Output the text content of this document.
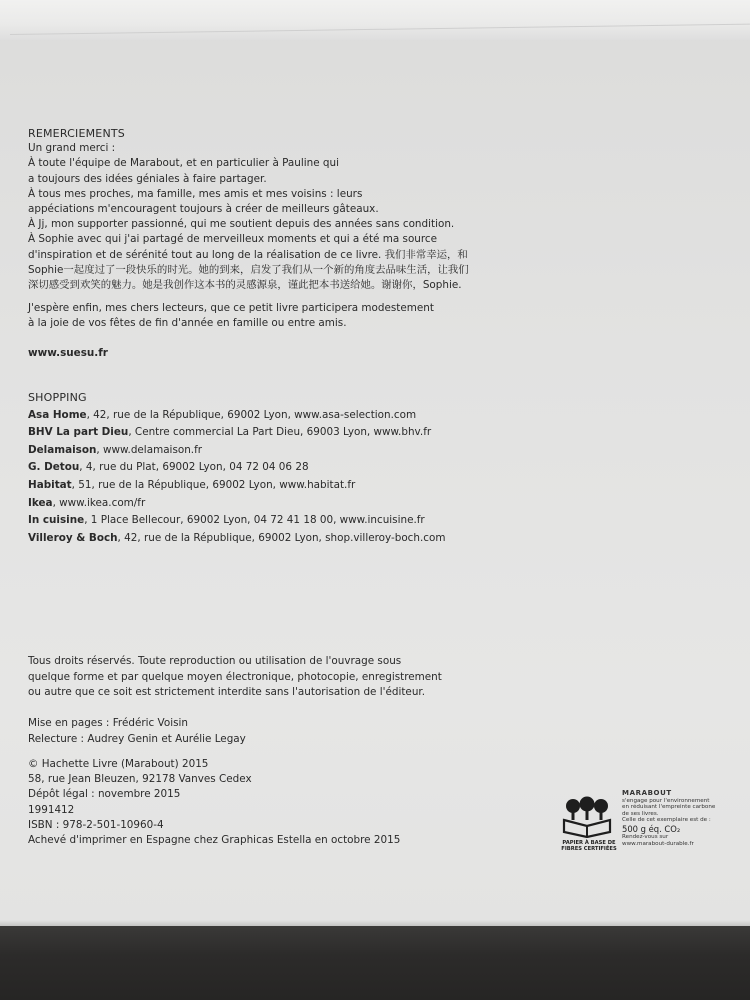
REMERCIEMENTS
Un grand merci :
À toute l'équipe de Marabout, et en particulier à Pauline qui
a toujours des idées géniales à faire partager.
À tous mes proches, ma famille, mes amis et mes voisins : leurs
appéciations m'encouragent toujours à créer de meilleurs gâteaux.
À Jj, mon supporter passionné, qui me soutient depuis des années sans condition.
À Sophie avec qui j'ai partagé de merveilleux moments et qui a été ma source
d'inspiration et de sérénité tout au long de la réalisation de ce livre. 我们非常幸运，和
Sophie一起度过了一段快乐的时光。她的到来，启发了我们从一个新的角度去品味生活，让我们
深切感受到欢笑的魅力。她是我创作这本书的灵感源泉，谨此把本书送给她。谢谢你，Sophie.
J'espère enfin, mes chers lecteurs, que ce petit livre participera modestement
à la joie de vos fêtes de fin d'année en famille ou entre amis.
www.suesu.fr
SHOPPING
Asa Home, 42, rue de la République, 69002 Lyon, www.asa-selection.com
BHV La part Dieu, Centre commercial La Part Dieu, 69003 Lyon, www.bhv.fr
Delamaison, www.delamaison.fr
G. Detou, 4, rue du Plat, 69002 Lyon, 04 72 04 06 28
Habitat, 51, rue de la République, 69002 Lyon, www.habitat.fr
Ikea, www.ikea.com/fr
In cuisine, 1 Place Bellecour, 69002 Lyon, 04 72 41 18 00, www.incuisine.fr
Villeroy & Boch, 42, rue de la République, 69002 Lyon, shop.villeroy-boch.com
Tous droits réservés. Toute reproduction ou utilisation de l'ouvrage sous
quelque forme et par quelque moyen électronique, photocopie, enregistrement
ou autre que ce soit est strictement interdite sans l'autorisation de l'éditeur.
Mise en pages : Frédéric Voisin
Relecture : Audrey Genin et Aurélie Legay
© Hachette Livre (Marabout) 2015
58, rue Jean Bleuzen, 92178 Vanves Cedex
Dépôt légal : novembre 2015
1991412
ISBN : 978-2-501-10960-4
Achevé d'imprimer en Espagne chez Graphicas Estella en octobre 2015	PAPIER À BASE DE
FIBRES CERTIFIÉES
MARABOUT
s'engage pour l'environnement
en réduisant l'empreinte carbone
de ses livres.
Celle de cet exemplaire est de :
500 g éq. CO₂
Rendez-vous sur
www.marabout-durable.fr
